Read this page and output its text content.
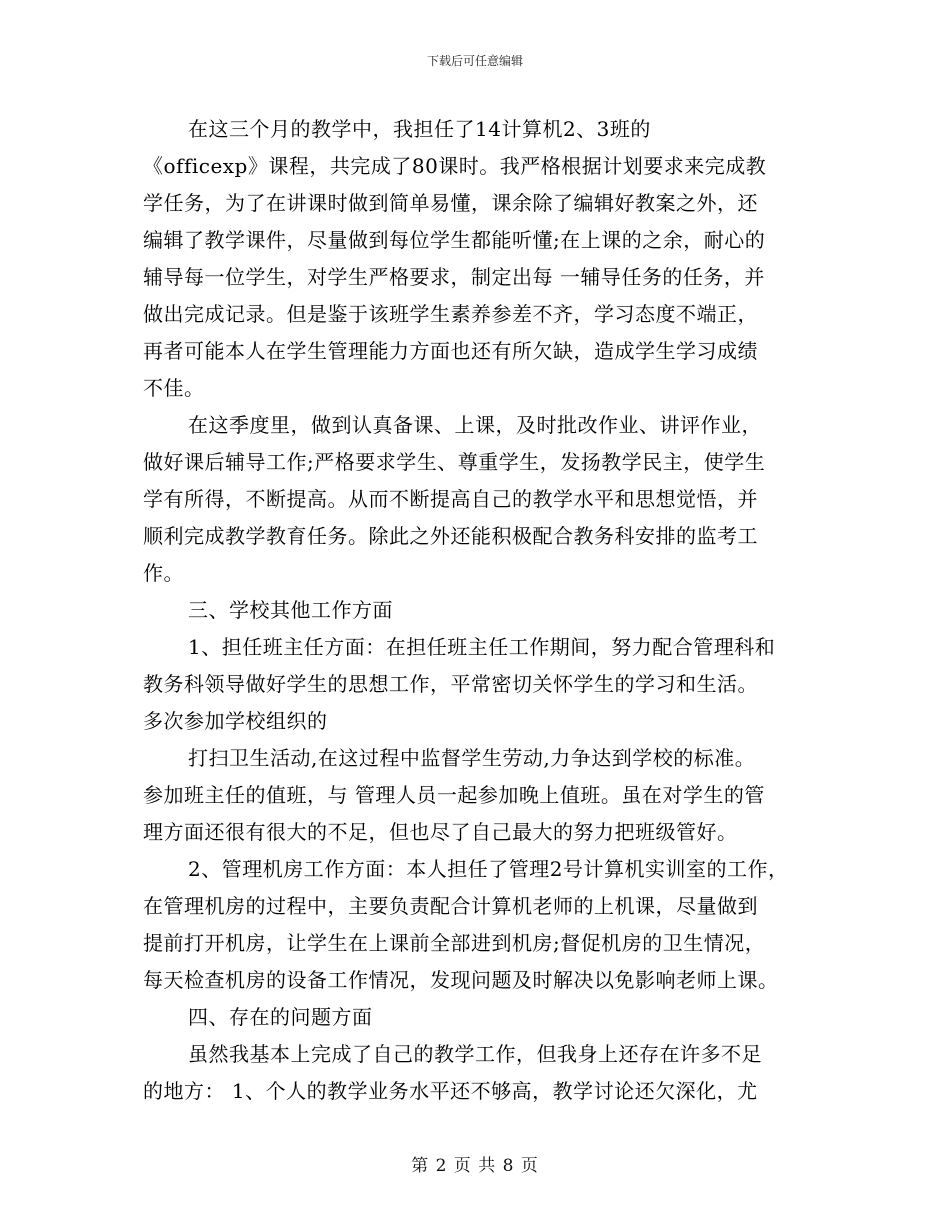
下载后可任意编辑
在这三个月的教学中，我担任了14计算机2、3班的
《officexp》课程，共完成了80课时。我严格根据计划要求来完成教
学任务，为了在讲课时做到简单易懂，课余除了编辑好教案之外，还
编辑了教学课件，尽量做到每位学生都能听懂;在上课的之余，耐心的
辅导每一位学生，对学生严格要求，制定出每 一辅导任务的任务，并
做出完成记录。但是鉴于该班学生素养参差不齐，学习态度不端正，
再者可能本人在学生管理能力方面也还有所欠缺，造成学生学习成绩
不佳。
在这季度里，做到认真备课、上课，及时批改作业、讲评作业，
做好课后辅导工作;严格要求学生、尊重学生，发扬教学民主，使学生
学有所得，不断提高。从而不断提高自己的教学水平和思想觉悟，并
顺利完成教学教育任务。除此之外还能积极配合教务科安排的监考工
作。
三、学校其他工作方面
1、担任班主任方面：在担任班主任工作期间，努力配合管理科和
教务科领导做好学生的思想工作，平常密切关怀学生的学习和生活。
多次参加学校组织的
打扫卫生活动,在这过程中监督学生劳动,力争达到学校的标准。
参加班主任的值班，与 管理人员一起参加晚上值班。虽在对学生的管
理方面还很有很大的不足，但也尽了自己最大的努力把班级管好。
2、管理机房工作方面：本人担任了管理2号计算机实训室的工作，
在管理机房的过程中，主要负责配合计算机老师的上机课，尽量做到
提前打开机房，让学生在上课前全部进到机房;督促机房的卫生情况，
每天检查机房的设备工作情况，发现问题及时解决以免影响老师上课。
四、存在的问题方面
虽然我基本上完成了自己的教学工作，但我身上还存在许多不足
的地方： 1、个人的教学业务水平还不够高，教学讨论还欠深化，尤
第 2 页 共 8 页
